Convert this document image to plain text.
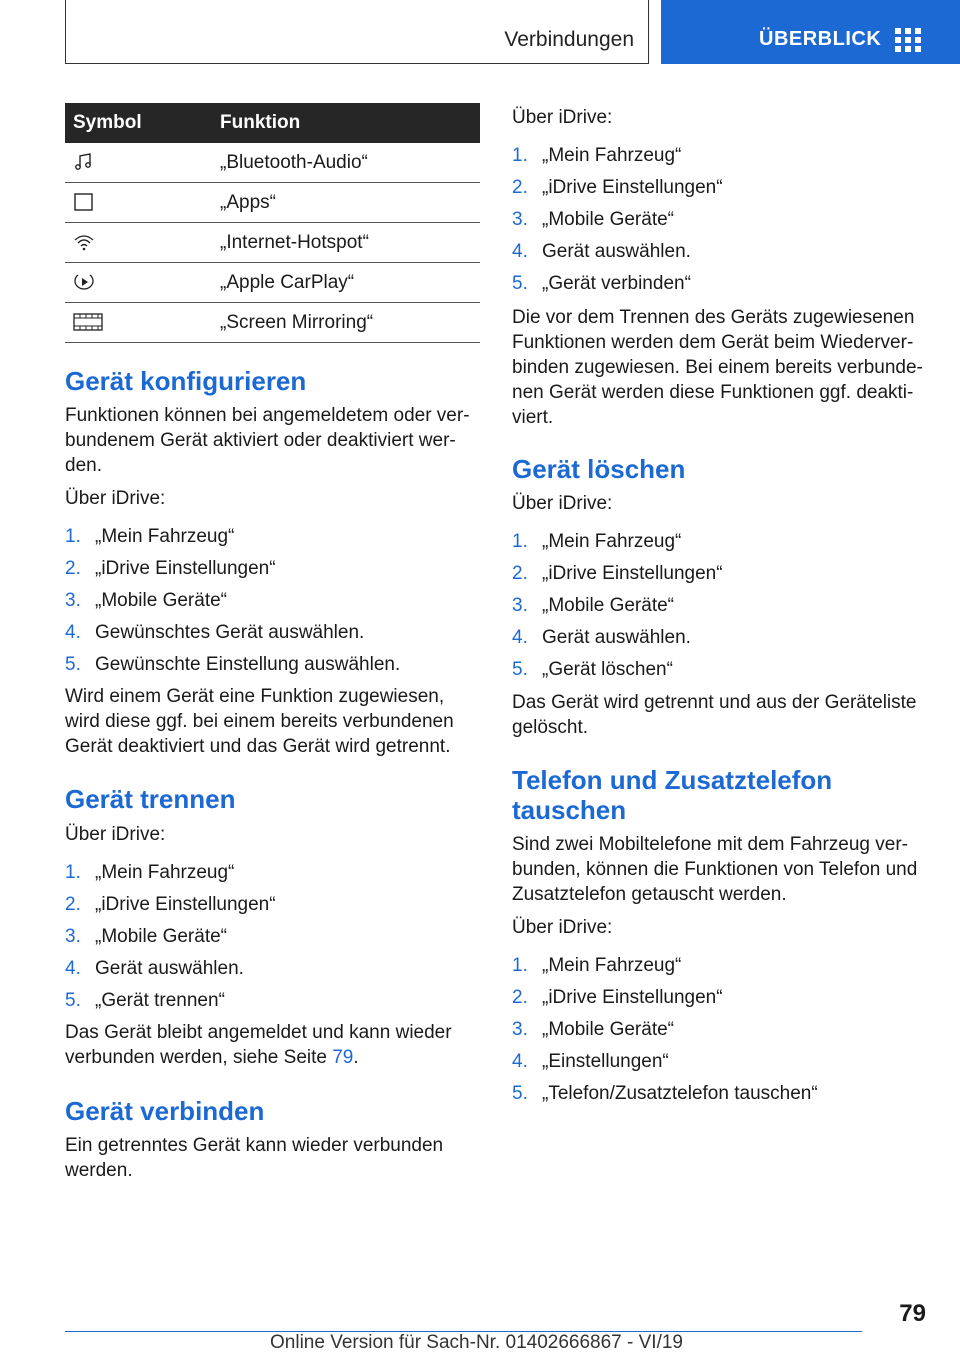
Verbindungen	ÜBERBLICK
Symbol	Funktion
	„Bluetooth-Audio“
	„Apps“
	„Internet-Hotspot“
	„Apple CarPlay“
	„Screen Mirroring“
Gerät konfigurieren

Funktionen können bei angemeldetem oder ver-

bundenem Gerät aktiviert oder deaktiviert wer-

den.

Über iDrive:

1. „Mein Fahrzeug“
2. „iDrive Einstellungen“
3. „Mobile Geräte“
4. Gewünschtes Gerät auswählen.
5. Gewünschte Einstellung auswählen.

Wird einem Gerät eine Funktion zugewiesen,

wird diese ggf. bei einem bereits verbundenen

Gerät deaktiviert und das Gerät wird getrennt.

Gerät trennen

Über iDrive:

1. „Mein Fahrzeug“
2. „iDrive Einstellungen“
3. „Mobile Geräte“
4. Gerät auswählen.
5. „Gerät trennen“

Das Gerät bleibt angemeldet und kann wieder

verbunden werden, siehe Seite 79.

Gerät verbinden

Ein getrenntes Gerät kann wieder verbunden

werden.

Über iDrive:

1. „Mein Fahrzeug“
2. „iDrive Einstellungen“
3. „Mobile Geräte“
4. Gerät auswählen.
5. „Gerät verbinden“

Die vor dem Trennen des Geräts zugewiesenen

Funktionen werden dem Gerät beim Wiederver-

binden zugewiesen. Bei einem bereits verbunde-

nen Gerät werden diese Funktionen ggf. deakti-

viert.

Gerät löschen

Über iDrive:

1. „Mein Fahrzeug“
2. „iDrive Einstellungen“
3. „Mobile Geräte“
4. Gerät auswählen.
5. „Gerät löschen“

Das Gerät wird getrennt und aus der Geräteliste

gelöscht.

Telefon und Zusatztelefon
tauschen

Sind zwei Mobiltelefone mit dem Fahrzeug ver-

bunden, können die Funktionen von Telefon und

Zusatztelefon getauscht werden.

Über iDrive:

1. „Mein Fahrzeug“
2. „iDrive Einstellungen“
3. „Mobile Geräte“
4. „Einstellungen“
5. „Telefon/Zusatztelefon tauschen“
79
Online Version für Sach-Nr. 01402666867 - VI/19
